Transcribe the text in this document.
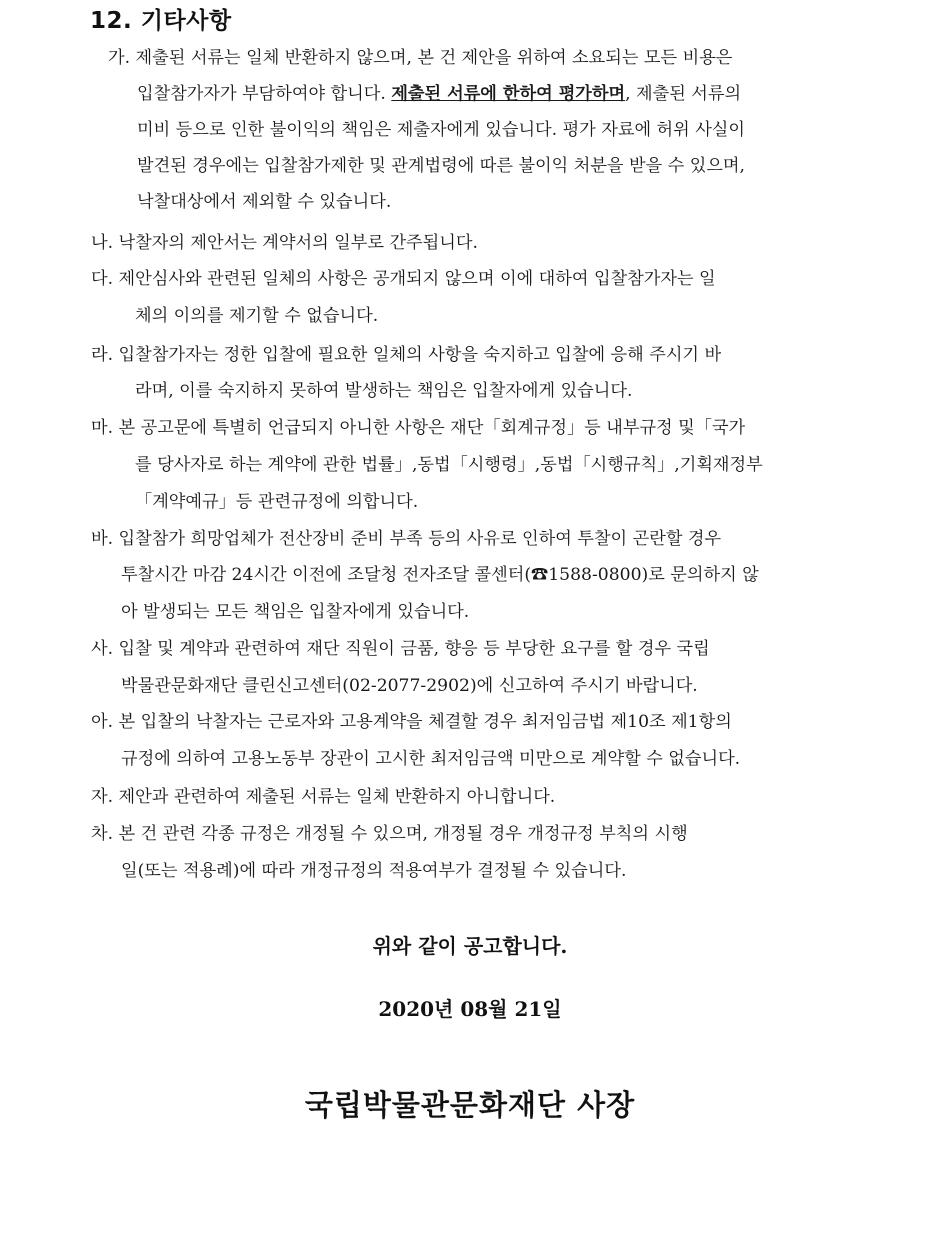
12. 기타사항
가. 제출된 서류는 일체 반환하지 않으며, 본 건 제안을 위하여 소요되는 모든 비용은
입찰참가자가 부담하여야 합니다. 제출된 서류에 한하여 평가하며, 제출된 서류의
미비 등으로 인한 불이익의 책임은 제출자에게 있습니다. 평가 자료에 허위 사실이
발견된 경우에는 입찰참가제한 및 관계법령에 따른 불이익 처분을 받을 수 있으며,
낙찰대상에서 제외할 수 있습니다.
나. 낙찰자의 제안서는 계약서의 일부로 간주됩니다.
다. 제안심사와 관련된 일체의 사항은 공개되지 않으며 이에 대하여 입찰참가자는 일
체의 이의를 제기할 수 없습니다.
라. 입찰참가자는 정한 입찰에 필요한 일체의 사항을 숙지하고 입찰에 응해 주시기 바
라며, 이를 숙지하지 못하여 발생하는 책임은 입찰자에게 있습니다.
마. 본 공고문에 특별히 언급되지 아니한 사항은 재단「회계규정」등 내부규정 및「국가
를 당사자로 하는 계약에 관한 법률」,동법「시행령」,동법「시행규칙」,기획재정부
「계약예규」등 관련규정에 의합니다.
바. 입찰참가 희망업체가 전산장비 준비 부족 등의 사유로 인하여 투찰이 곤란할 경우
투찰시간 마감 24시간 이전에 조달청 전자조달 콜센터(☎1588-0800)로 문의하지 않
아 발생되는 모든 책임은 입찰자에게 있습니다.
사. 입찰 및 계약과 관련하여 재단 직원이 금품, 향응 등 부당한 요구를 할 경우 국립
박물관문화재단 클린신고센터(02-2077-2902)에 신고하여 주시기 바랍니다.
아. 본 입찰의 낙찰자는 근로자와 고용계약을 체결할 경우 최저임금법 제10조 제1항의
규정에 의하여 고용노동부 장관이 고시한 최저임금액 미만으로 계약할 수 없습니다.
자. 제안과 관련하여 제출된 서류는 일체 반환하지 아니합니다.
차. 본 건 관련 각종 규정은 개정될 수 있으며, 개정될 경우 개정규정 부칙의 시행
일(또는 적용례)에 따라 개정규정의 적용여부가 결정될 수 있습니다.
위와 같이 공고합니다.
2020년 08월 21일
국립박물관문화재단 사장
